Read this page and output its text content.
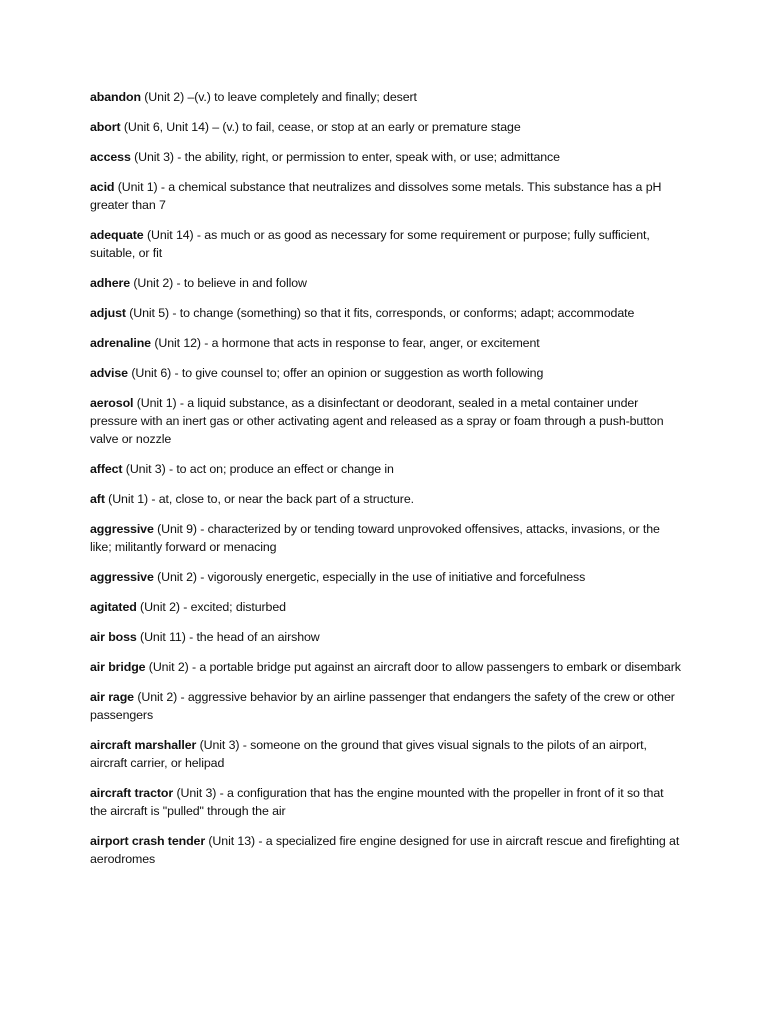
abandon (Unit 2) –(v.) to leave completely and finally; desert

abort (Unit 6, Unit 14) – (v.) to fail, cease, or stop at an early or premature stage

access (Unit 3) - the ability, right, or permission to enter, speak with, or use; admittance

acid (Unit 1) - a chemical substance that neutralizes and dissolves some metals. This substance has a pH greater than 7

adequate (Unit 14) - as much or as good as necessary for some requirement or purpose; fully sufficient, suitable, or fit

adhere (Unit 2) - to believe in and follow

adjust (Unit 5) - to change (something) so that it fits, corresponds, or conforms; adapt; accommodate

adrenaline (Unit 12) - a hormone that acts in response to fear, anger, or excitement

advise (Unit 6) - to give counsel to; offer an opinion or suggestion as worth following

aerosol (Unit 1) - a liquid substance, as a disinfectant or deodorant, sealed in a metal container under pressure with an inert gas or other activating agent and released as a spray or foam through a push-button valve or nozzle

affect (Unit 3) - to act on; produce an effect or change in

aft (Unit 1) - at, close to, or near the back part of a structure.

aggressive (Unit 9) - characterized by or tending toward unprovoked offensives, attacks, invasions, or the like; militantly forward or menacing

aggressive (Unit 2) - vigorously energetic, especially in the use of initiative and forcefulness

agitated (Unit 2) - excited; disturbed

air boss (Unit 11) - the head of an airshow

air bridge (Unit 2) - a portable bridge put against an aircraft door to allow passengers to embark or disembark

air rage (Unit 2) - aggressive behavior by an airline passenger that endangers the safety of the crew or other passengers

aircraft marshaller (Unit 3) - someone on the ground that gives visual signals to the pilots of an airport, aircraft carrier, or helipad

aircraft tractor (Unit 3) - a configuration that has the engine mounted with the propeller in front of it so that the aircraft is "pulled" through the air

airport crash tender (Unit 13) - a specialized fire engine designed for use in aircraft rescue and firefighting at aerodromes
